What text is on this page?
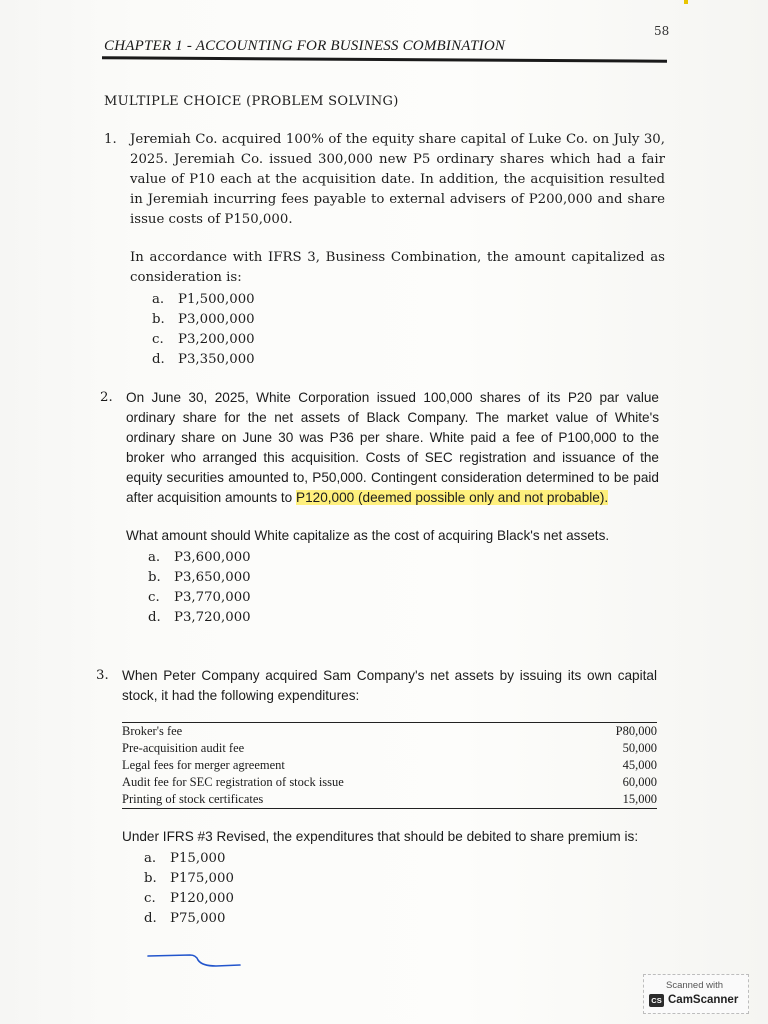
58
CHAPTER 1 - ACCOUNTING FOR BUSINESS COMBINATION
MULTIPLE CHOICE (PROBLEM SOLVING)
1. Jeremiah Co. acquired 100% of the equity share capital of Luke Co. on July 30, 2025. Jeremiah Co. issued 300,000 new P5 ordinary shares which had a fair value of P10 each at the acquisition date. In addition, the acquisition resulted in Jeremiah incurring fees payable to external advisers of P200,000 and share issue costs of P150,000.

In accordance with IFRS 3, Business Combination, the amount capitalized as consideration is:

a. P1,500,000
b. P3,000,000
c. P3,200,000
d. P3,350,000
2. On June 30, 2025, White Corporation issued 100,000 shares of its P20 par value ordinary share for the net assets of Black Company. The market value of White's ordinary share on June 30 was P36 per share. White paid a fee of P100,000 to the broker who arranged this acquisition. Costs of SEC registration and issuance of the equity securities amounted to, P50,000. Contingent consideration determined to be paid after acquisition amounts to P120,000 (deemed possible only and not probable).

What amount should White capitalize as the cost of acquiring Black's net assets.

a. P3,600,000
b. P3,650,000
c. P3,770,000
d. P3,720,000
3. When Peter Company acquired Sam Company's net assets by issuing its own capital stock, it had the following expenditures:

Broker's fee	P80,000
Pre-acquisition audit fee	50,000
Legal fees for merger agreement	45,000
Audit fee for SEC registration of stock issue	60,000
Printing of stock certificates	15,000

Under IFRS #3 Revised, the expenditures that should be debited to share premium is:

a. P15,000
b. P175,000
c. P120,000
d. P75,000
Scanned with
CS CamScanner
